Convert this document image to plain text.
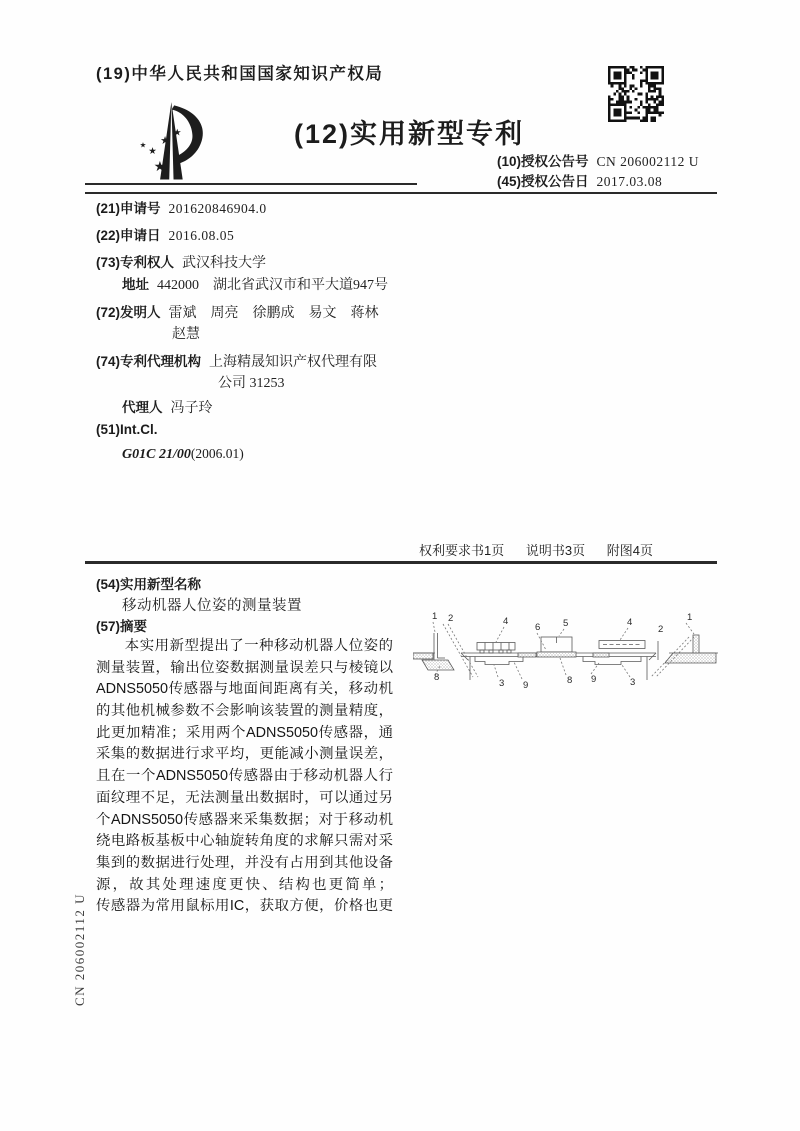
(19)中华人民共和国国家知识产权局
★
★
★
★
★
(12)实用新型专利
(10)授权公告号 CN 206002112 U
(45)授权公告日 2017.03.08
(21)申请号 201620846904.0
(22)申请日 2016.08.05
(73)专利权人 武汉科技大学
地址 442000　湖北省武汉市和平大道947号
(72)发明人 雷斌　周亮　徐鹏成　易文　蒋林
赵慧
(74)专利代理机构 上海精晟知识产权代理有限
公司 31253
代理人 冯子玲
(51)Int.Cl.
G01C 21/00 (2006.01)
权利要求书1页 说明书3页 附图4页
(54)实用新型名称
移动机器人位姿的测量装置
(57)摘要
本实用新型提出了一种移动机器人位姿的
测量装置，输出位姿数据测量误差只与棱镜以
ADNS5050传感器与地面间距离有关，移动机
的其他机械参数不会影响该装置的测量精度，
此更加精准；采用两个ADNS5050传感器，通
采集的数据进行求平均，更能减小测量误差，
且在一个ADNS5050传感器由于移动机器人行
面纹理不足，无法测量出数据时，可以通过另
个ADNS5050传感器来采集数据；对于移动机
绕电路板基板中心轴旋转角度的求解只需对采
集到的数据进行处理，并没有占用到其他设备
源，故其处理速度更快、结构也更简单；
传感器为常用鼠标用IC，获取方便，价格也更
1 2	4
6 5	4
2
1
8
3 9	8 9	3
CN 206002112 U
